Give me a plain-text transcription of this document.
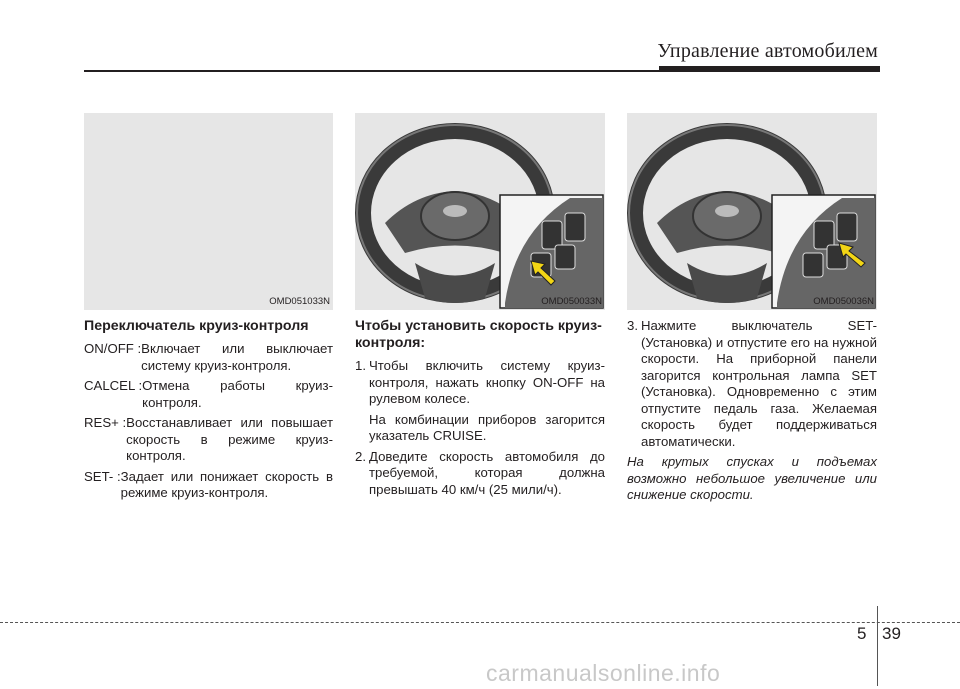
Управление автомобилем
OMD051033N	OMD050033N	OMD050036N
Переключатель круиз-контроля
ON/OFF : Включает или выключает систему круиз-контроля.
CALCEL : Отмена работы круиз-контроля.
RES+ : Восстанавливает или повышает скорость в режиме круиз-контроля.
SET- : Задает или понижает скорость в режиме круиз-контроля.
Чтобы установить скорость круиз-контроля:
1. Чтобы включить систему круиз-контроля, нажать кнопку ON-OFF на рулевом колесе.
На комбинации приборов загорится указатель CRUISE.
2. Доведите скорость автомобиля до требуемой, которая должна превышать 40 км/ч (25 мили/ч).
3. Нажмите выключатель SET- (Установка) и отпустите его на нужной скорости. На приборной панели загорится контрольная лампа SET (Установка). Одновременно с этим отпустите педаль газа. Желаемая скорость будет поддерживаться автоматически.
На крутых спусках и подъемах возможно небольшое увеличение или снижение скорости.
5 39
carmanualsonline.info
